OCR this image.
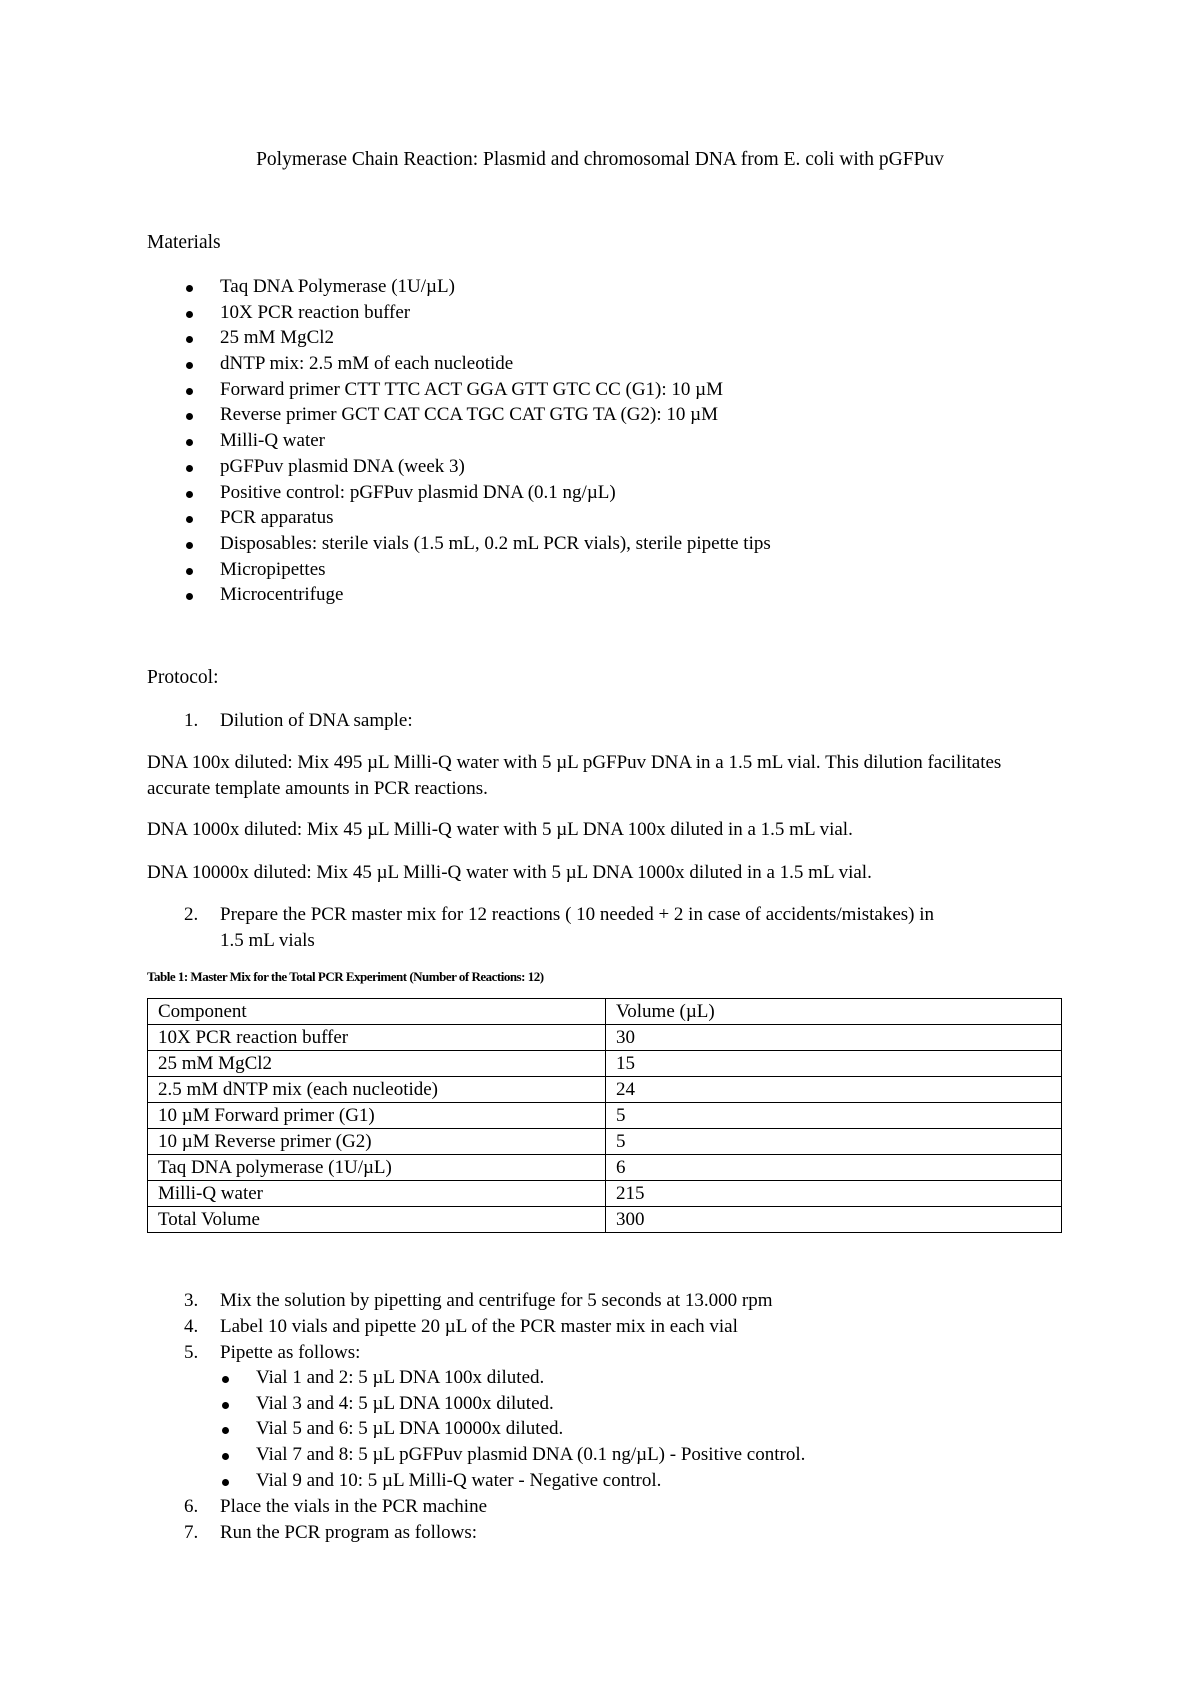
Polymerase Chain Reaction: Plasmid and chromosomal DNA from E. coli with pGFPuv
Materials
Taq DNA Polymerase (1U/µL)
10X PCR reaction buffer
25 mM MgCl2
dNTP mix: 2.5 mM of each nucleotide
Forward primer CTT TTC ACT GGA GTT GTC CC (G1): 10 µM
Reverse primer GCT CAT CCA TGC CAT GTG TA (G2): 10 µM
Milli-Q water
pGFPuv plasmid DNA (week 3)
Positive control: pGFPuv plasmid DNA (0.1 ng/µL)
PCR apparatus
Disposables: sterile vials (1.5 mL, 0.2 mL PCR vials), sterile pipette tips
Micropipettes
Microcentrifuge
Protocol:
1. Dilution of DNA sample:
DNA 100x diluted: Mix 495 µL Milli-Q water with 5 µL pGFPuv DNA in a 1.5 mL vial. This dilution facilitates accurate template amounts in PCR reactions.
DNA 1000x diluted: Mix 45 µL Milli-Q water with 5 µL DNA 100x diluted in a 1.5 mL vial.
DNA 10000x diluted: Mix 45 µL Milli-Q water with 5 µL DNA 1000x diluted in a 1.5 mL vial.
2. Prepare the PCR master mix for 12 reactions ( 10 needed + 2 in case of accidents/mistakes) in
1.5 mL vials
Table 1: Master Mix for the Total PCR Experiment (Number of Reactions: 12)
Component	Volume (µL)
10X PCR reaction buffer	30
25 mM MgCl2	15
2.5 mM dNTP mix (each nucleotide)	24
10 µM Forward primer (G1)	5
10 µM Reverse primer (G2)	5
Taq DNA polymerase (1U/µL)	6
Milli-Q water	215
Total Volume	300
3. Mix the solution by pipetting and centrifuge for 5 seconds at 13.000 rpm
4. Label 10 vials and pipette 20 µL of the PCR master mix in each vial
5. Pipette as follows:
Vial 1 and 2: 5 µL DNA 100x diluted.
Vial 3 and 4: 5 µL DNA 1000x diluted.
Vial 5 and 6: 5 µL DNA 10000x diluted.
Vial 7 and 8: 5 µL pGFPuv plasmid DNA (0.1 ng/µL) - Positive control.
Vial 9 and 10: 5 µL Milli-Q water - Negative control.
6. Place the vials in the PCR machine
7. Run the PCR program as follows:
